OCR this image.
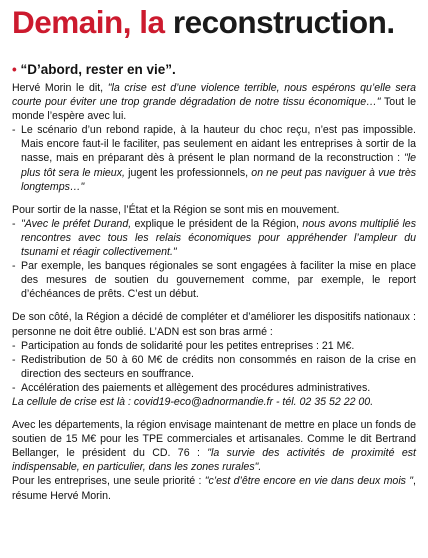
Demain, la reconstruction.

• “D’abord, rester en vie”.

Hervé Morin le dit, "la crise est d’une violence terrible, nous espérons qu’elle sera courte pour éviter une trop grande dégradation de notre tissu économique…" Tout le monde l’espère avec lui.

- Le scénario d’un rebond rapide, à la hauteur du choc reçu, n’est pas impossible. Mais encore faut-il le faciliter, pas seulement en aidant les entreprises à sortir de la nasse, mais en préparant dès à présent le plan normand de la reconstruction : "le plus tôt sera le mieux, jugent les professionnels, on ne peut pas naviguer à vue très longtemps…"

Pour sortir de la nasse, l’État et la Région se sont mis en mouvement.

- "Avec le préfet Durand, explique le président de la Région, nous avons multiplié les rencontres avec tous les relais économiques pour appréhender l’ampleur du tsunami et réagir collectivement."

- Par exemple, les banques régionales se sont engagées à faciliter la mise en place des mesures de soutien du gouvernement comme, par exemple, le report d’échéances de prêts. C’est un début.

De son côté, la Région a décidé de compléter et d’améliorer les dispositifs nationaux : personne ne doit être oublié. L’ADN est son bras armé :

- Participation au fonds de solidarité pour les petites entreprises : 21 M€.

- Redistribution de 50 à 60 M€ de crédits non consommés en raison de la crise en direction des secteurs en souffrance.

- Accélération des paiements et allègement des procédures administratives.

La cellule de crise est là : covid19-eco@adnormandie.fr - tél. 02 35 52 22 00.

Avec les départements, la région envisage maintenant de mettre en place un fonds de soutien de 15 M€ pour les TPE commerciales et artisanales. Comme le dit Bertrand Bellanger, le président du CD. 76 : "la survie des activités de proximité est indispensable, en particulier, dans les zones rurales".

Pour les entreprises, une seule priorité : "c’est d’être encore en vie dans deux mois ", résume Hervé Morin.
